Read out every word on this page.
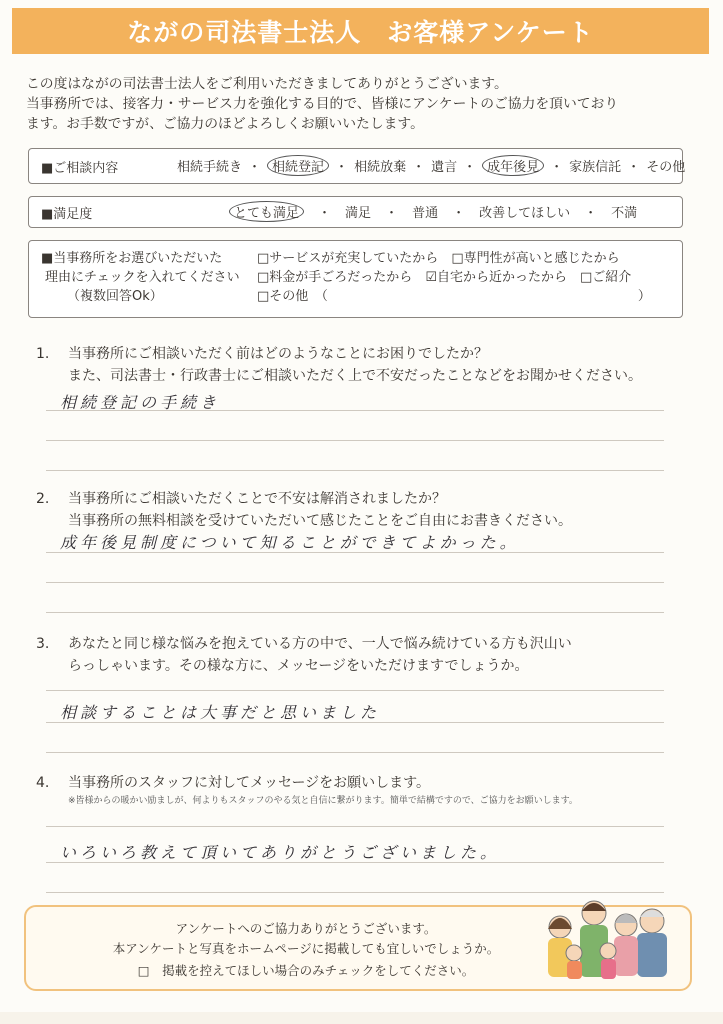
ながの司法書士法人　お客様アンケート
この度はながの司法書士法人をご利用いただきましてありがとうございます。
当事務所では、接客力・サービス力を強化する目的で、皆様にアンケートのご協力を頂いており
ます。お手数ですが、ご協力のほどよろしくお願いいたします。
■ご相談内容	相続手続き ・ 相続登記 ・ 相続放棄 ・ 遺言 ・ 成年後見 ・ 家族信託 ・ その他
■満足度	とても満足	・ 満足 ・ 普通 ・ 改善してほしい ・ 不満
■当事務所をお選びいただいた
理由にチェックを入れてください
（複数回答Ok）
□サービスが充実していたから　 □専門性が高いと感じたから
□料金が手ごろだったから　 ☑自宅から近かったから　 □ご紹介
□その他　 （	）
1. 当事務所にご相談いただく前はどのようなことにお困りでしたか？
また、司法書士・行政書士にご相談いただく上で不安だったことなどをお聞かせください。
相続登記の手続き
2. 当事務所にご相談いただくことで不安は解消されましたか？
当事務所の無料相談を受けていただいて感じたことをご自由にお書きください。
成年後見制度について知ることができてよかった。
3. あなたと同じ様な悩みを抱えている方の中で、一人で悩み続けている方も沢山い
らっしゃいます。その様な方に、メッセージをいただけますでしょうか。
相談することは大事だと思いました
4. 当事務所のスタッフに対してメッセージをお願いします。
※皆様からの暖かい励ましが、何よりもスタッフのやる気と自信に繋がります。簡単で結構ですので、ご協力をお願いします。
いろいろ教えて頂いてありがとうございました。
アンケートへのご協力ありがとうございます。
本アンケートと写真をホームページに掲載しても宜しいでしょうか。
□　掲載を控えてほしい場合のみチェックをしてください。
